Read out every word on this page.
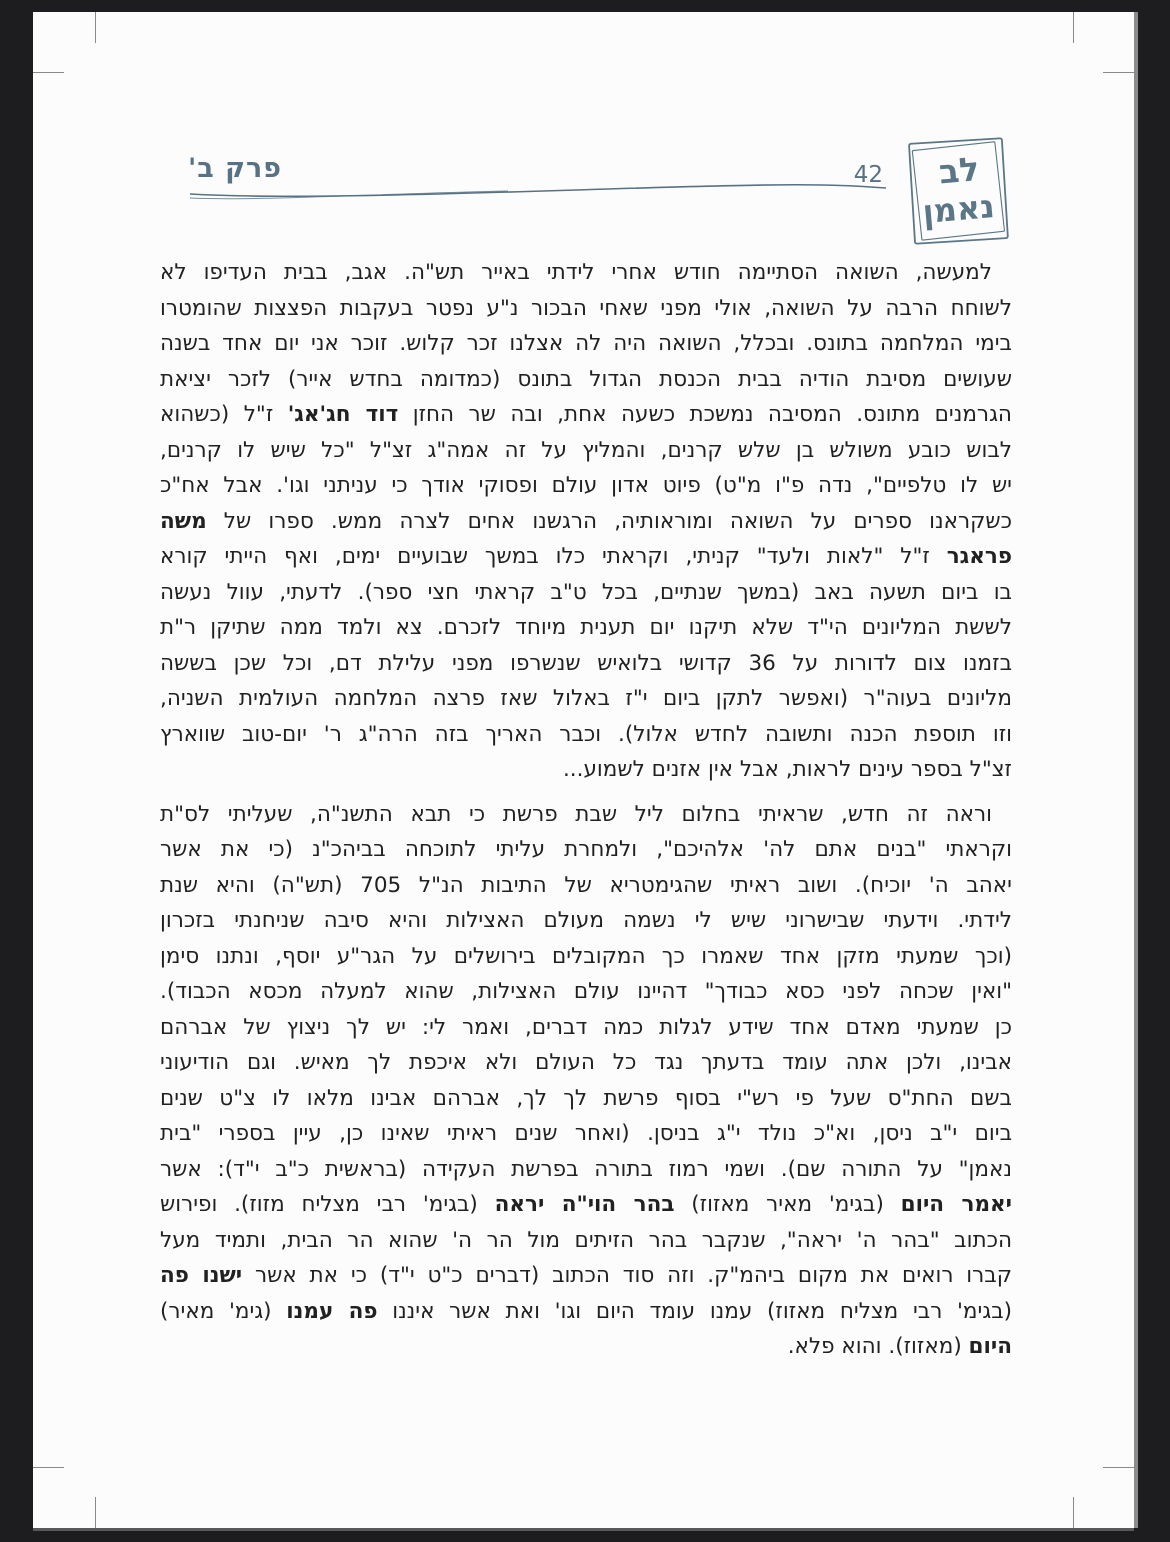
פרק ב'	42 לב
נאמן
למעשה, השואה הסתיימה חודש אחרי לידתי באייר תש"ה. אגב, בבית העדיפו לא
לשוחח הרבה על השואה, אולי מפני שאחי הבכור נ"ע נפטר בעקבות הפצצות שהומטרו
בימי המלחמה בתונס. ובכלל, השואה היה לה אצלנו זכר קלוש. זוכר אני יום אחד בשנה
שעושים מסיבת הודיה בבית הכנסת הגדול בתונס (כמדומה בחדש אייר) לזכר יציאת
הגרמנים מתונס. המסיבה נמשכת כשעה אחת, ובה שר החזן דוד חג'אג' ז"ל (כשהוא
לבוש כובע משולש בן שלש קרנים, והמליץ על זה אמה"ג זצ"ל "כל שיש לו קרנים,
יש לו טלפיים", נדה פ"ו מ"ט) פיוט אדון עולם ופסוקי אודך כי עניתני וגו'. אבל אח"כ
כשקראנו ספרים על השואה ומוראותיה, הרגשנו אחים לצרה ממש. ספרו של משה
פראגר ז"ל "לאות ולעד" קניתי, וקראתי כלו במשך שבועיים ימים, ואף הייתי קורא
בו ביום תשעה באב (במשך שנתיים, בכל ט"ב קראתי חצי ספר). לדעתי, עוול נעשה
לששת המליונים הי"ד שלא תיקנו יום תענית מיוחד לזכרם. צא ולמד ממה שתיקן ר"ת
בזמנו צום לדורות על 36 קדושי בלואיש שנשרפו מפני עלילת דם, וכל שכן בששה
מליונים בעוה"ר (ואפשר לתקן ביום י"ז באלול שאז פרצה המלחמה העולמית השניה,
וזו תוספת הכנה ותשובה לחדש אלול). וכבר האריך בזה הרה"ג ר' יום-טוב שווארץ
זצ"ל בספר עינים לראות, אבל אין אזנים לשמוע...
וראה זה חדש, שראיתי בחלום ליל שבת פרשת כי תבא התשנ"ה, שעליתי לס"ת
וקראתי "בנים אתם לה' אלהיכם", ולמחרת עליתי לתוכחה בביהכ"נ (כי את אשר
יאהב ה' יוכיח). ושוב ראיתי שהגימטריא של התיבות הנ"ל 705 (תש"ה) והיא שנת
לידתי. וידעתי שבישרוני שיש לי נשמה מעולם האצילות והיא סיבה שניחנתי בזכרון
(וכך שמעתי מזקן אחד שאמרו כך המקובלים בירושלים על הגר"ע יוסף, ונתנו סימן
"ואין שכחה לפני כסא כבודך" דהיינו עולם האצילות, שהוא למעלה מכסא הכבוד).
כן שמעתי מאדם אחד שידע לגלות כמה דברים, ואמר לי: יש לך ניצוץ של אברהם
אבינו, ולכן אתה עומד בדעתך נגד כל העולם ולא איכפת לך מאיש. וגם הודיעוני
בשם החת"ס שעל פי רש"י בסוף פרשת לך לך, אברהם אבינו מלאו לו צ"ט שנים
ביום י"ב ניסן, וא"כ נולד י"ג בניסן. (ואחר שנים ראיתי שאינו כן, עיין בספרי "בית
נאמן" על התורה שם). ושמי רמוז בתורה בפרשת העקידה (בראשית כ"ב י"ד): אשר
יאמר היום (בגימ' מאיר מאזוז) בהר הוי"ה יראה (בגימ' רבי מצליח מזוז). ופירוש
הכתוב "בהר ה' יראה", שנקבר בהר הזיתים מול הר ה' שהוא הר הבית, ותמיד מעל
קברו רואים את מקום ביהמ"ק. וזה סוד הכתוב (דברים כ"ט י"ד) כי את אשר ישנו פה
(בגימ' רבי מצליח מאזוז) עמנו עומד היום וגו' ואת אשר איננו פה עמנו (גימ' מאיר)
היום (מאזוז). והוא פלא.
